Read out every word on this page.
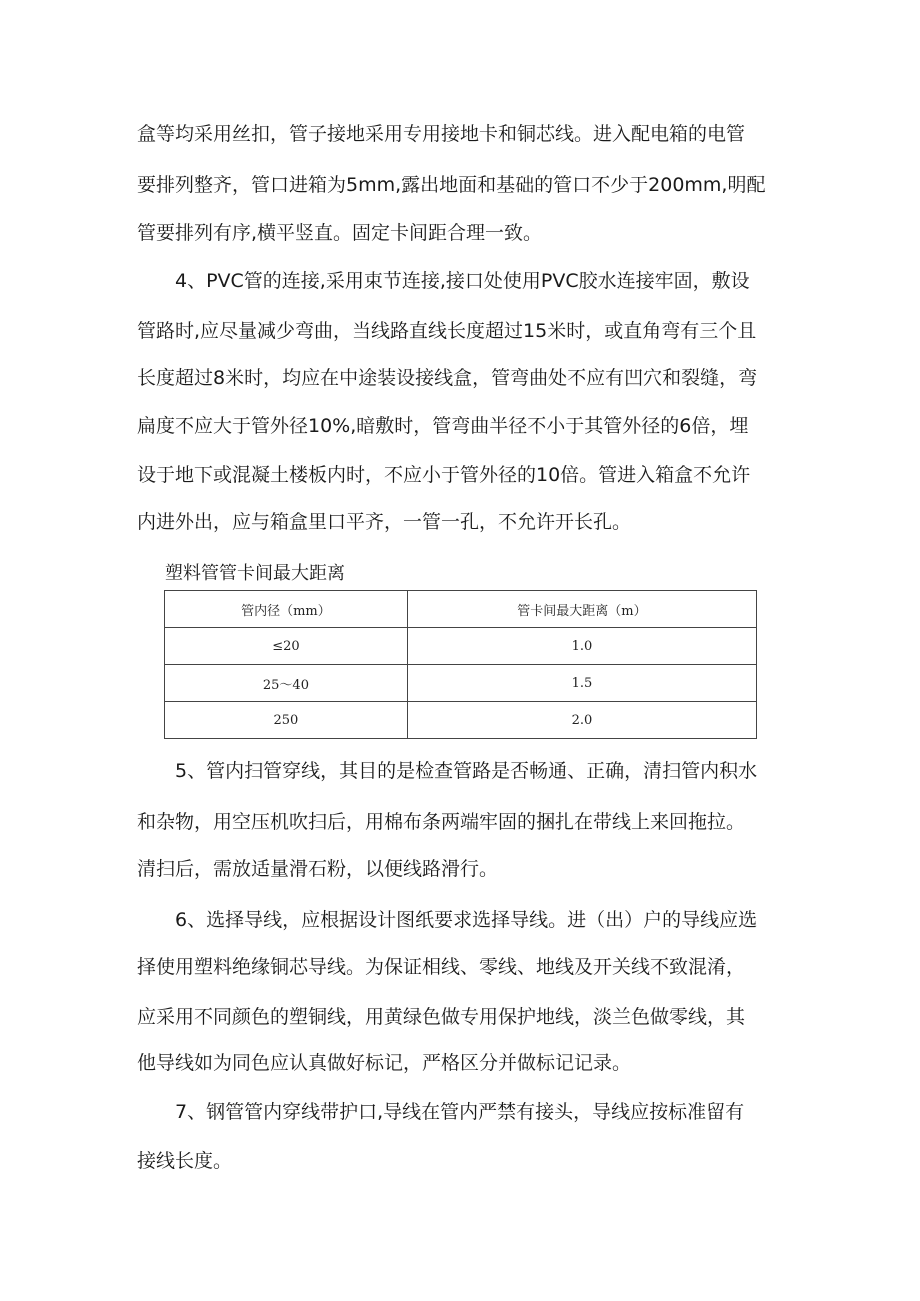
盒等均采用丝扣，管子接地采用专用接地卡和铜芯线。进入配电箱的电管
要排列整齐，管口进箱为5mm,露出地面和基础的管口不少于200mm,明配
管要排列有序,横平竖直。固定卡间距合理一致。
4、PVC管的连接,采用束节连接,接口处使用PVC胶水连接牢固，敷设
管路时,应尽量减少弯曲，当线路直线长度超过15米时，或直角弯有三个且
长度超过8米时，均应在中途装设接线盒，管弯曲处不应有凹穴和裂缝，弯
扁度不应大于管外径10%,暗敷时，管弯曲半径不小于其管外径的6倍，埋
设于地下或混凝土楼板内时，不应小于管外径的10倍。管进入箱盒不允许
内进外出，应与箱盒里口平齐，一管一孔，不允许开长孔。
塑料管管卡间最大距离
管内径（mm）	管卡间最大距离（m）
≤20	1.0
25～40	1.5
250	2.0
5、管内扫管穿线，其目的是检查管路是否畅通、正确，清扫管内积水
和杂物，用空压机吹扫后，用棉布条两端牢固的捆扎在带线上来回拖拉。
清扫后，需放适量滑石粉，以便线路滑行。
6、选择导线，应根据设计图纸要求选择导线。进（出）户的导线应选
择使用塑料绝缘铜芯导线。为保证相线、零线、地线及开关线不致混淆，
应采用不同颜色的塑铜线，用黄绿色做专用保护地线，淡兰色做零线，其
他导线如为同色应认真做好标记，严格区分并做标记记录。
7、钢管管内穿线带护口,导线在管内严禁有接头，导线应按标准留有
接线长度。
